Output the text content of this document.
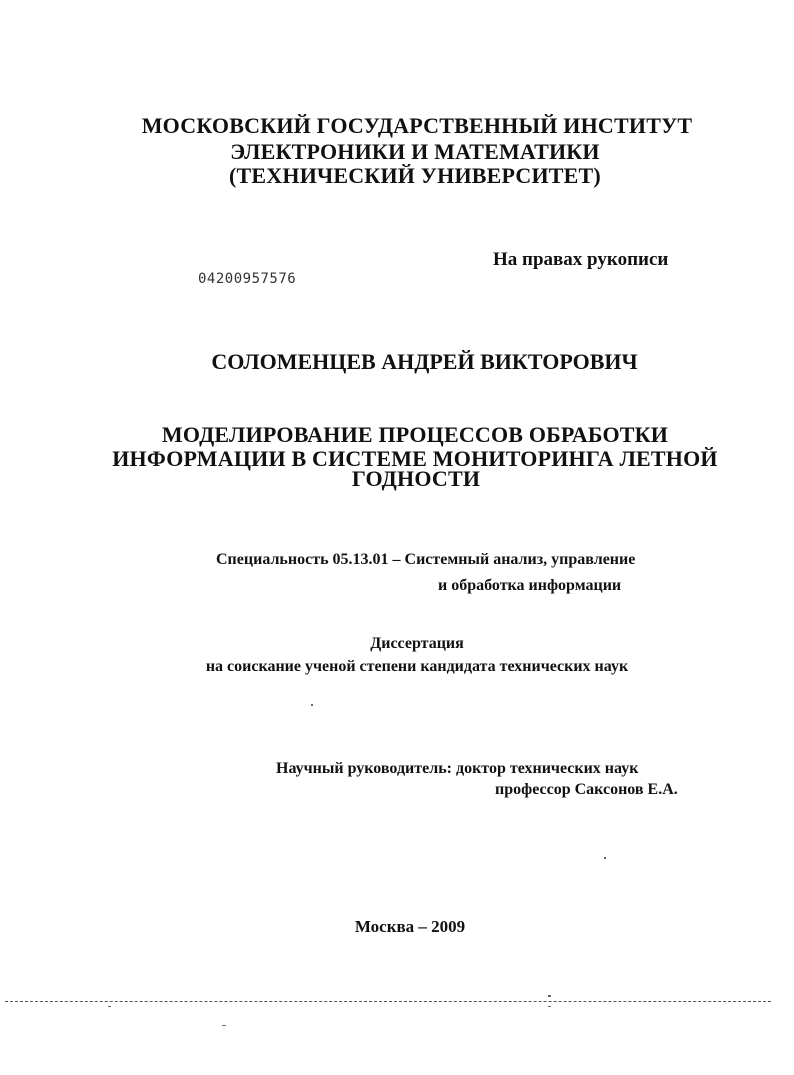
МОСКОВСКИЙ ГОСУДАРСТВЕННЫЙ ИНСТИТУТ
ЭЛЕКТРОНИКИ И МАТЕМАТИКИ
(ТЕХНИЧЕСКИЙ УНИВЕРСИТЕТ)
На правах рукописи
04200957576
СОЛОМЕНЦЕВ АНДРЕЙ ВИКТОРОВИЧ
МОДЕЛИРОВАНИЕ ПРОЦЕССОВ ОБРАБОТКИ
ИНФОРМАЦИИ В СИСТЕМЕ МОНИТОРИНГА ЛЕТНОЙ
ГОДНОСТИ
Специальность 05.13.01 – Системный анализ, управление
и обработка информации
Диссертация
на соискание ученой степени кандидата технических наук
Научный руководитель: доктор технических наук
профессор Саксонов Е.А.
Москва – 2009
